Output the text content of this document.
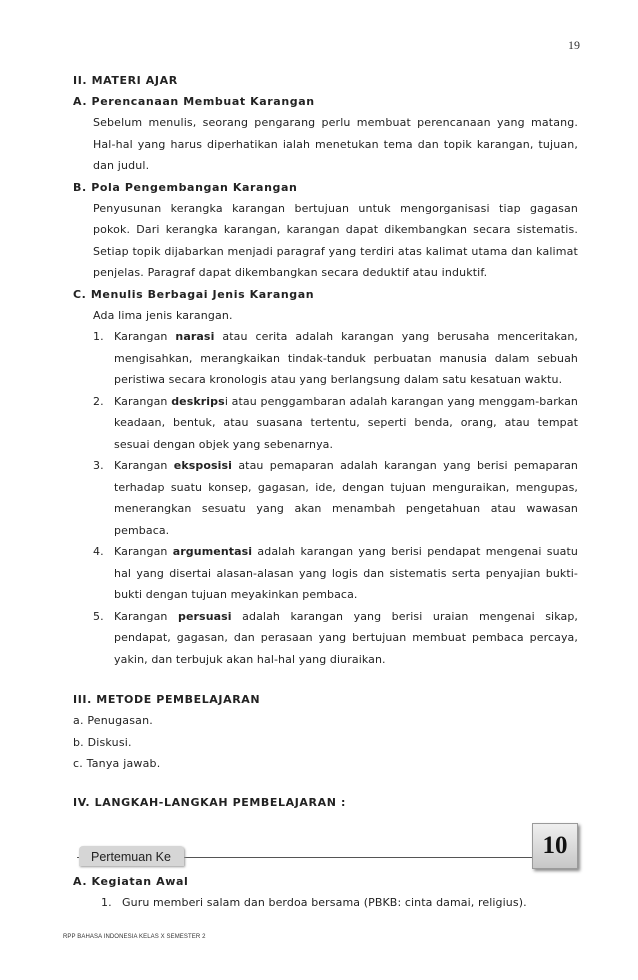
19
II. MATERI AJAR
A. Perencanaan Membuat Karangan
Sebelum menulis, seorang pengarang perlu membuat perencanaan yang matang. Hal-hal yang harus diperhatikan ialah menetukan tema dan topik karangan, tujuan, dan judul.
B. Pola Pengembangan Karangan
Penyusunan kerangka karangan bertujuan untuk mengorganisasi tiap gagasan pokok. Dari kerangka karangan, karangan dapat dikembangkan secara sistematis. Setiap topik dijabarkan menjadi paragraf yang terdiri atas kalimat utama dan kalimat penjelas. Paragraf dapat dikembangkan secara deduktif atau induktif.
C. Menulis Berbagai Jenis Karangan
Ada lima jenis karangan.
1. Karangan narasi atau cerita adalah karangan yang berusaha menceritakan, mengisahkan, merangkaikan tindak-tanduk perbuatan manusia dalam sebuah peristiwa secara kronologis atau yang berlangsung dalam satu kesatuan waktu.
2. Karangan deskripsi atau penggambaran adalah karangan yang menggam-barkan keadaan, bentuk, atau suasana tertentu, seperti benda, orang, atau tempat sesuai dengan objek yang sebenarnya.
3. Karangan eksposisi atau pemaparan adalah karangan yang berisi pemaparan terhadap suatu konsep, gagasan, ide, dengan tujuan menguraikan, mengupas, menerangkan sesuatu yang akan menambah pengetahuan atau wawasan pembaca.
4. Karangan argumentasi adalah karangan yang berisi pendapat mengenai suatu hal yang disertai alasan-alasan yang logis dan sistematis serta penyajian bukti-bukti dengan tujuan meyakinkan pembaca.
5. Karangan persuasi adalah karangan yang berisi uraian mengenai sikap, pendapat, gagasan, dan perasaan yang bertujuan membuat pembaca percaya, yakin, dan terbujuk akan hal-hal yang diuraikan.
III. METODE PEMBELAJARAN
a. Penugasan.
b. Diskusi.
c. Tanya jawab.
IV. LANGKAH-LANGKAH PEMBELAJARAN :
Pertemuan Ke	10
A. Kegiatan Awal
1. Guru memberi salam dan berdoa bersama (PBKB: cinta damai, religius).
RPP BAHASA INDONESIA KELAS X SEMESTER 2
